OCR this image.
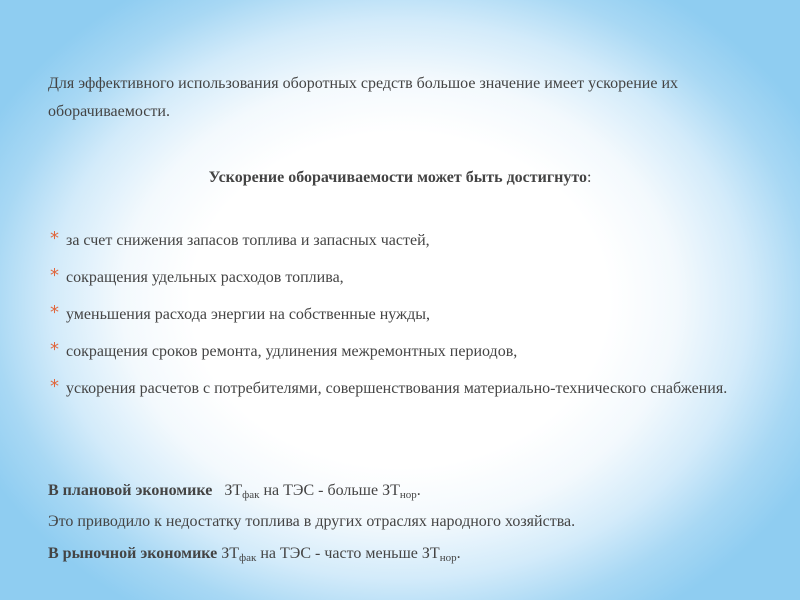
Для эффективного использования оборотных средств большое значение имеет ускорение их оборачиваемости.
Ускорение оборачиваемости может быть достигнуто:
* за счет снижения запасов топлива и запасных частей,
* сокращения удельных расходов топлива,
* уменьшения расхода энергии на собственные нужды,
* сокращения сроков ремонта, удлинения межремонтных периодов,
* ускорения расчетов с потребителями, совершенствования материально-технического снабжения.
В плановой экономике $ЗТ_{фак}$ на ТЭС - больше $ЗТ_{нор}$.
Это приводило к недостатку топлива в других отраслях народного хозяйства.
В рыночной экономике $ЗТ_{фак}$ на ТЭС - часто меньше $ЗТ_{нор}$.
